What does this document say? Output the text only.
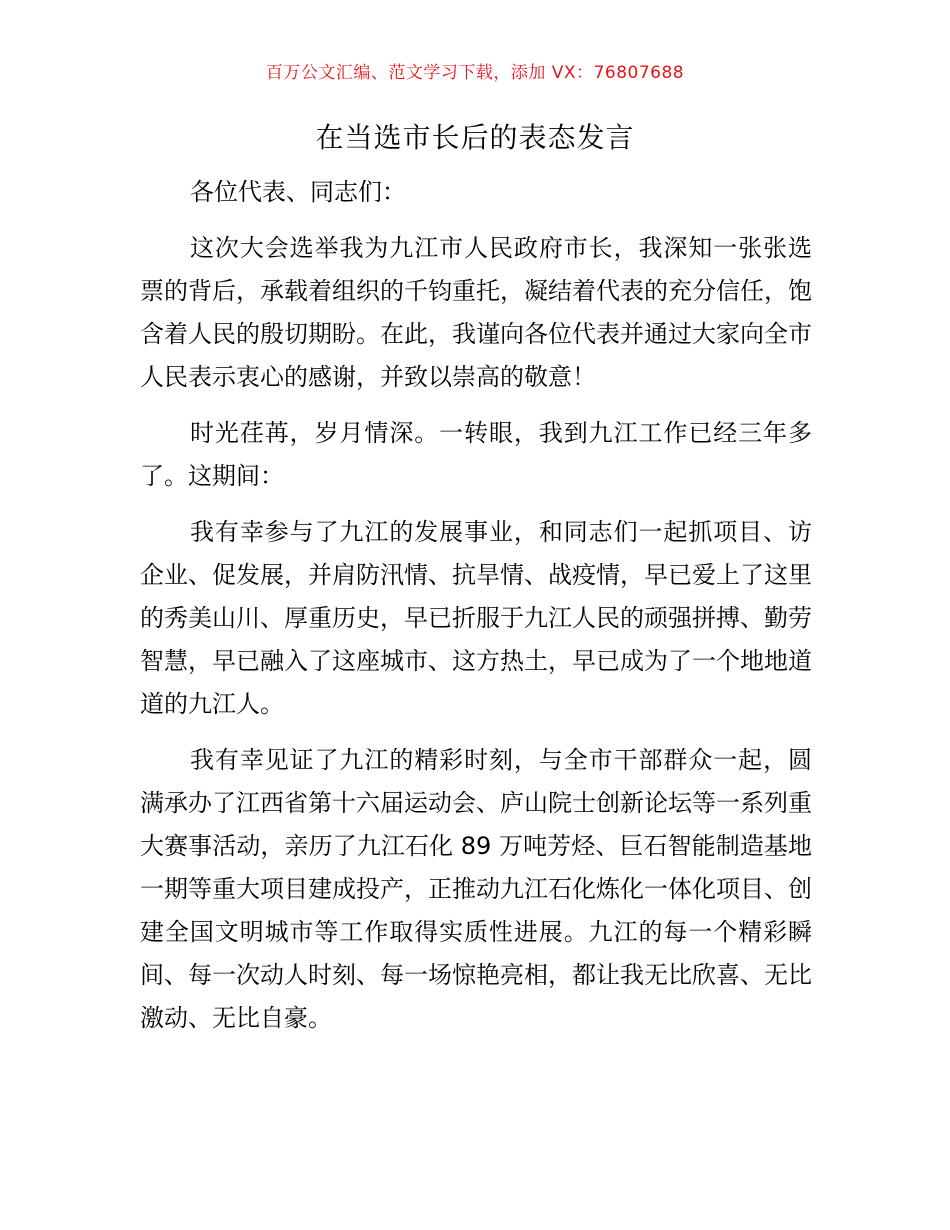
百万公文汇编、范文学习下载，添加 VX：76807688
在当选市长后的表态发言

各位代表、同志们：

这次大会选举我为九江市人民政府市长，我深知一张张选票的背后，承载着组织的千钧重托，凝结着代表的充分信任，饱含着人民的殷切期盼。在此，我谨向各位代表并通过大家向全市人民表示衷心的感谢，并致以崇高的敬意！

时光荏苒，岁月情深。一转眼，我到九江工作已经三年多了。这期间：

我有幸参与了九江的发展事业，和同志们一起抓项目、访企业、促发展，并肩防汛情、抗旱情、战疫情，早已爱上了这里的秀美山川、厚重历史，早已折服于九江人民的顽强拼搏、勤劳智慧，早已融入了这座城市、这方热土，早已成为了一个地地道道的九江人。

我有幸见证了九江的精彩时刻，与全市干部群众一起，圆满承办了江西省第十六届运动会、庐山院士创新论坛等一系列重大赛事活动，亲历了九江石化 89 万吨芳烃、巨石智能制造基地一期等重大项目建成投产，正推动九江石化炼化一体化项目、创建全国文明城市等工作取得实质性进展。九江的每一个精彩瞬间、每一次动人时刻、每一场惊艳亮相，都让我无比欣喜、无比激动、无比自豪。
